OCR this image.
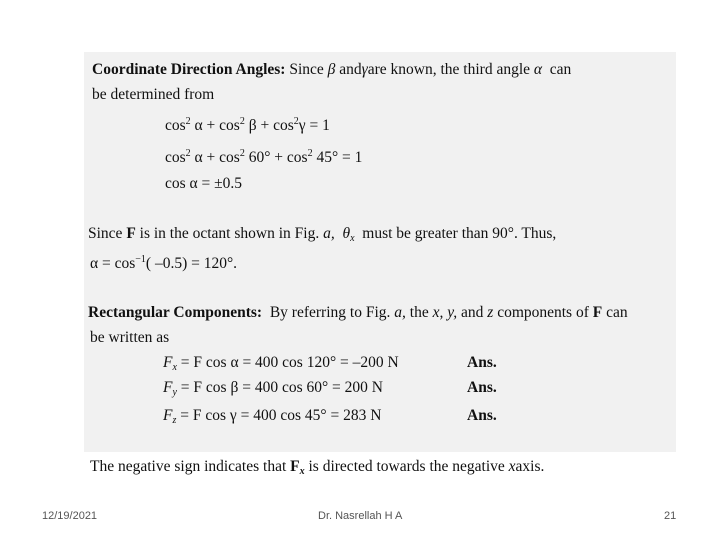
Coordinate Direction Angles: Since β andγare known, the third angle α can
be determined from
$\cos^2 \alpha + \cos^2 \beta + \cos^2\gamma = 1$
$\cos^2 \alpha + \cos^2 60^\circ + \cos^2 45^\circ = 1$
cos α = ±0.5
Since F is in the octant shown in Fig. a, $\theta_x$ must be greater than 90°. Thus,
$\alpha = \cos^{-1}$( –0.5) = 120°.
Rectangular Components: By referring to Fig. a, the x, y, and z components of F can
be written as
$F_x = F$ cos α = 400 cos 120° = –200 N	Ans.
$F_y = F$ cos β = 400 cos 60° = 200 N	Ans.
$F_z = F$ cos γ = 400 cos 45° = 283 N	Ans.
The negative sign indicates that $F_x$ is directed towards the negative xaxis.
12/19/2021	Dr. Nasrellah H A	21
